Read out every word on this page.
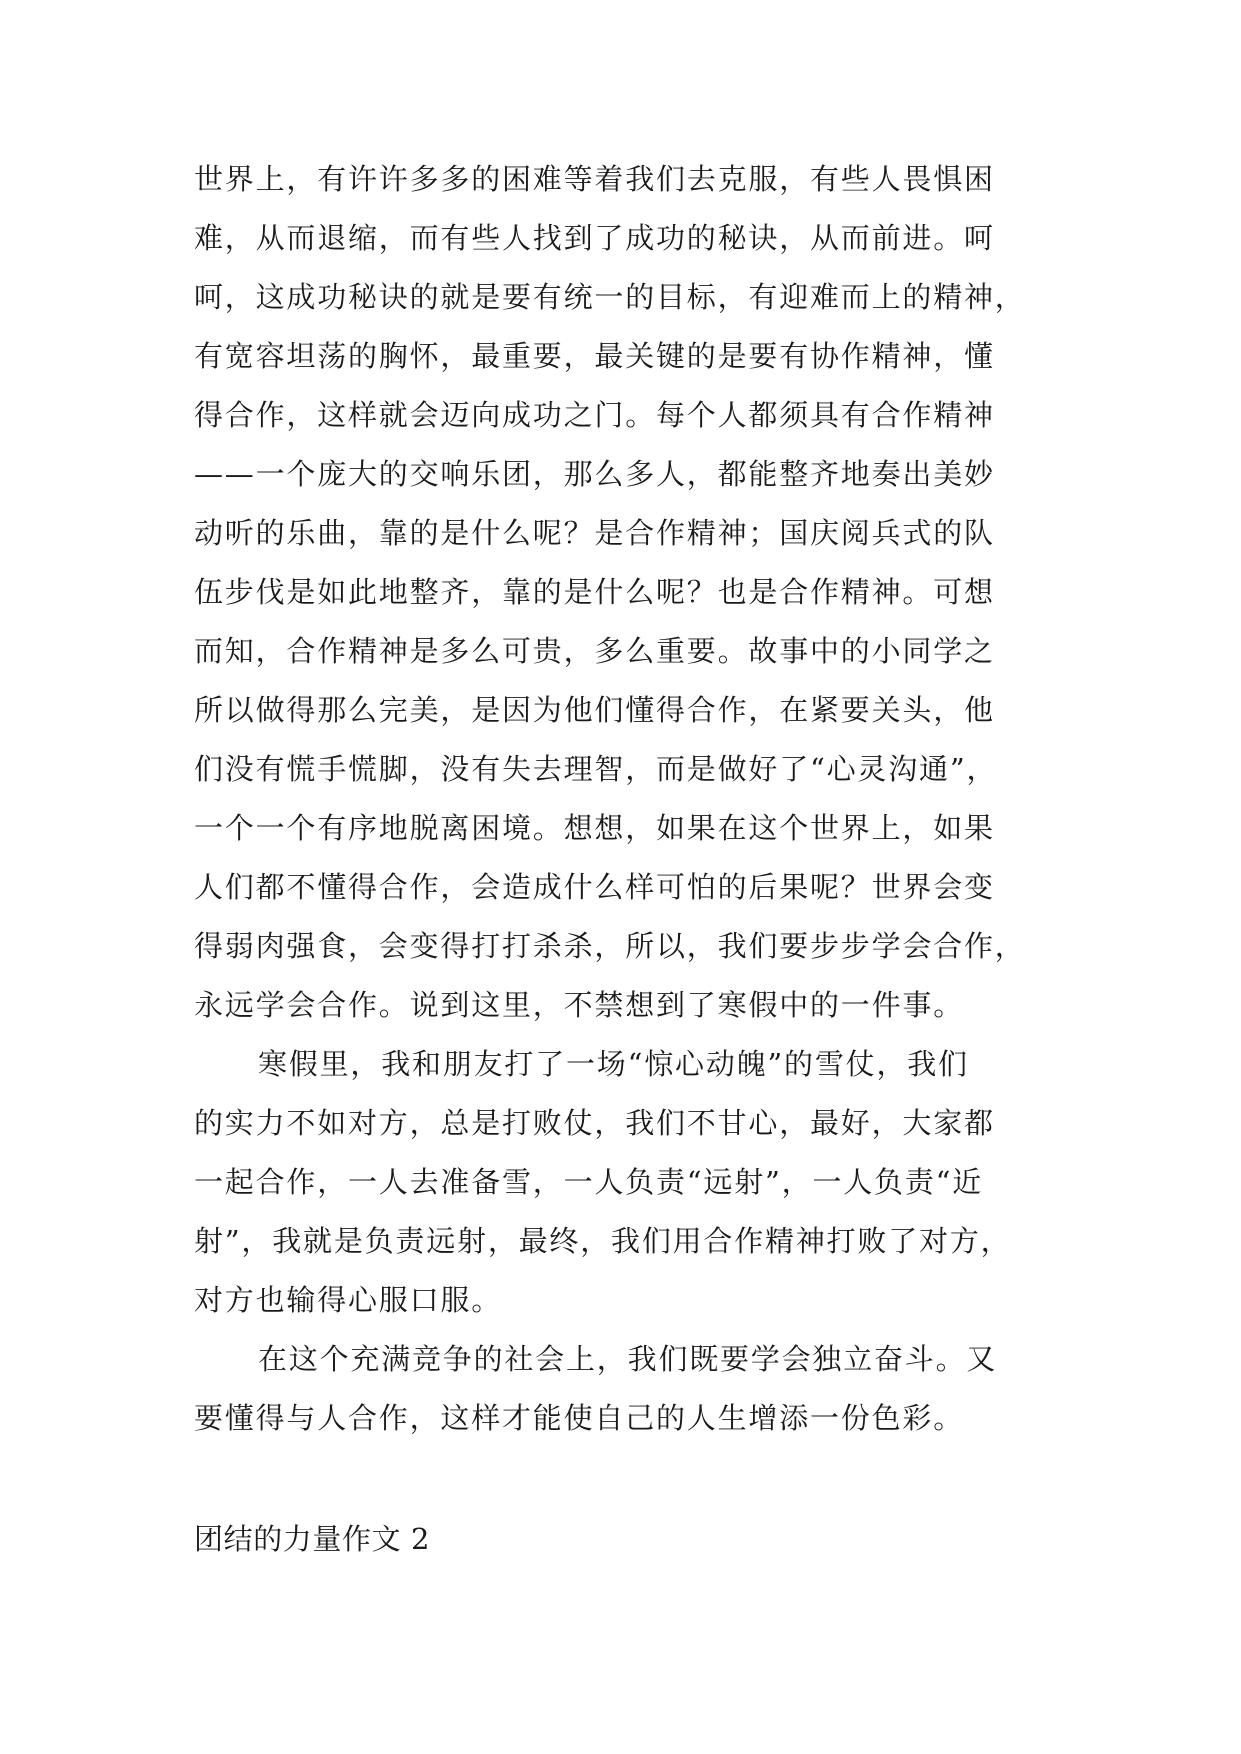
世界上，有许许多多的困难等着我们去克服，有些人畏惧困
难，从而退缩，而有些人找到了成功的秘诀，从而前进。呵
呵，这成功秘诀的就是要有统一的目标，有迎难而上的精神，
有宽容坦荡的胸怀，最重要，最关键的是要有协作精神，懂
得合作，这样就会迈向成功之门。每个人都须具有合作精神
——一个庞大的交响乐团，那么多人，都能整齐地奏出美妙
动听的乐曲，靠的是什么呢？是合作精神；国庆阅兵式的队
伍步伐是如此地整齐，靠的是什么呢？也是合作精神。可想
而知，合作精神是多么可贵，多么重要。故事中的小同学之
所以做得那么完美，是因为他们懂得合作，在紧要关头，他
们没有慌手慌脚，没有失去理智，而是做好了“心灵沟通”，
一个一个有序地脱离困境。想想，如果在这个世界上，如果
人们都不懂得合作，会造成什么样可怕的后果呢？世界会变
得弱肉强食，会变得打打杀杀，所以，我们要步步学会合作，
永远学会合作。说到这里，不禁想到了寒假中的一件事。
寒假里，我和朋友打了一场“惊心动魄”的雪仗，我们
的实力不如对方，总是打败仗，我们不甘心，最好，大家都
一起合作，一人去准备雪，一人负责“远射”，一人负责“近
射”，我就是负责远射，最终，我们用合作精神打败了对方，
对方也输得心服口服。
在这个充满竞争的社会上，我们既要学会独立奋斗。又
要懂得与人合作，这样才能使自己的人生增添一份色彩。
团结的力量作文 2
